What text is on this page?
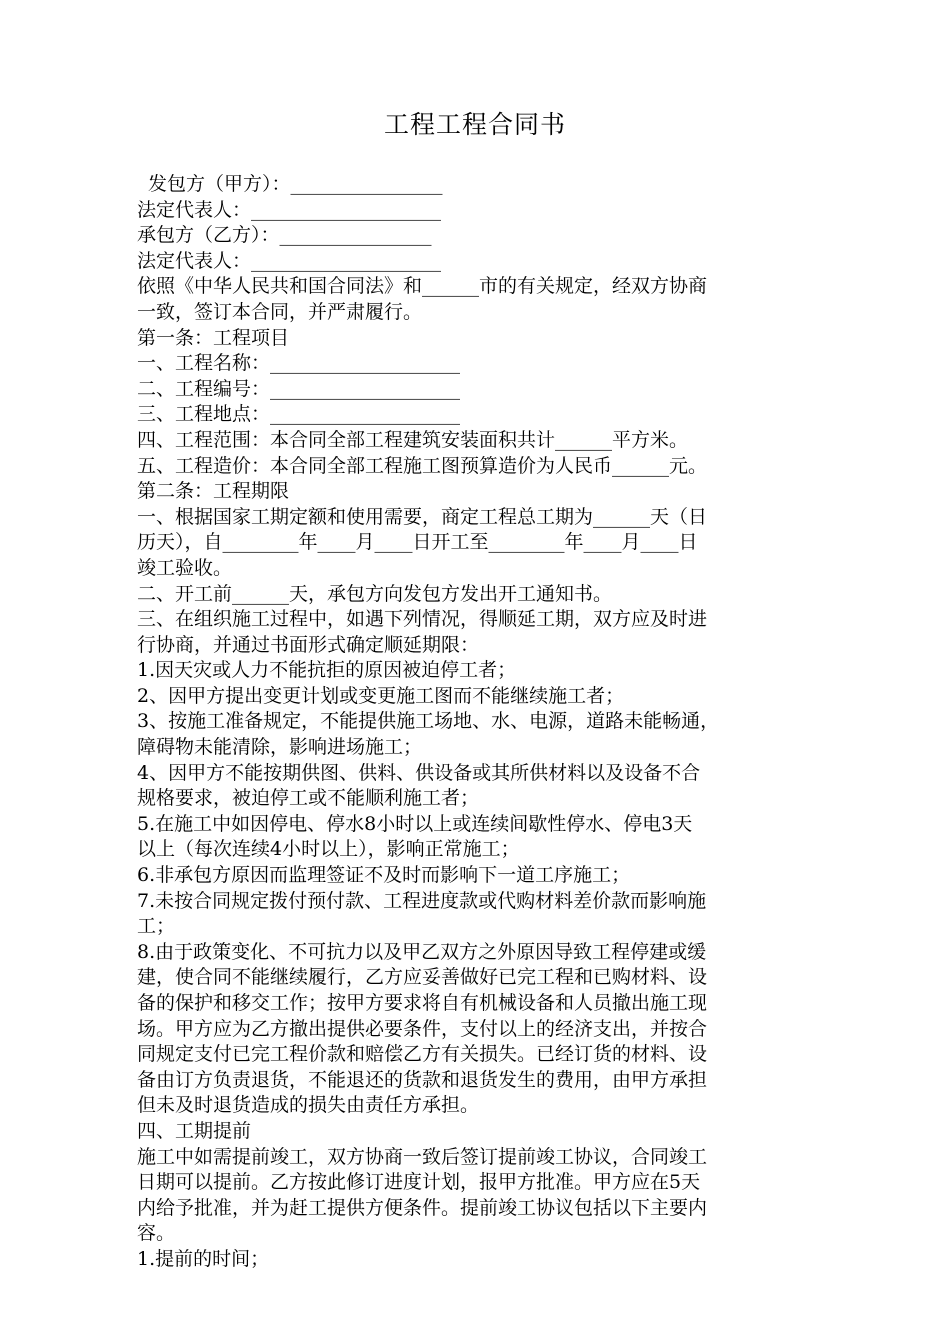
工程工程合同书
发包方（甲方）：________________
法定代表人：____________________
承包方（乙方）：________________
法定代表人：____________________
依照《中华人民共和国合同法》和______市的有关规定，经双方协商
一致，签订本合同，并严肃履行。
第一条：工程项目
一、工程名称：____________________
二、工程编号：____________________
三、工程地点：____________________
四、工程范围：本合同全部工程建筑安装面积共计______平方米。
五、工程造价：本合同全部工程施工图预算造价为人民币______元。
第二条：工程期限
一、根据国家工期定额和使用需要，商定工程总工期为______天（日
历天），自________年____月____日开工至________年____月____日
竣工验收。
二、开工前______天，承包方向发包方发出开工通知书。
三、在组织施工过程中，如遇下列情况，得顺延工期，双方应及时进
行协商，并通过书面形式确定顺延期限：
1.因天灾或人力不能抗拒的原因被迫停工者；
2、因甲方提出变更计划或变更施工图而不能继续施工者；
3、按施工准备规定，不能提供施工场地、水、电源，道路未能畅通，
障碍物未能清除，影响进场施工；
4、因甲方不能按期供图、供料、供设备或其所供材料以及设备不合
规格要求，被迫停工或不能顺利施工者；
5.在施工中如因停电、停水8小时以上或连续间歇性停水、停电3天
以上（每次连续4小时以上），影响正常施工；
6.非承包方原因而监理签证不及时而影响下一道工序施工；
7.未按合同规定拨付预付款、工程进度款或代购材料差价款而影响施
工；
8.由于政策变化、不可抗力以及甲乙双方之外原因导致工程停建或缓
建，使合同不能继续履行，乙方应妥善做好已完工程和已购材料、设
备的保护和移交工作；按甲方要求将自有机械设备和人员撤出施工现
场。甲方应为乙方撤出提供必要条件，支付以上的经济支出，并按合
同规定支付已完工程价款和赔偿乙方有关损失。已经订货的材料、设
备由订方负责退货，不能退还的货款和退货发生的费用，由甲方承担
但未及时退货造成的损失由责任方承担。
四、工期提前
施工中如需提前竣工，双方协商一致后签订提前竣工协议，合同竣工
日期可以提前。乙方按此修订进度计划，报甲方批准。甲方应在5天
内给予批准，并为赶工提供方便条件。提前竣工协议包括以下主要内
容。
1.提前的时间；
